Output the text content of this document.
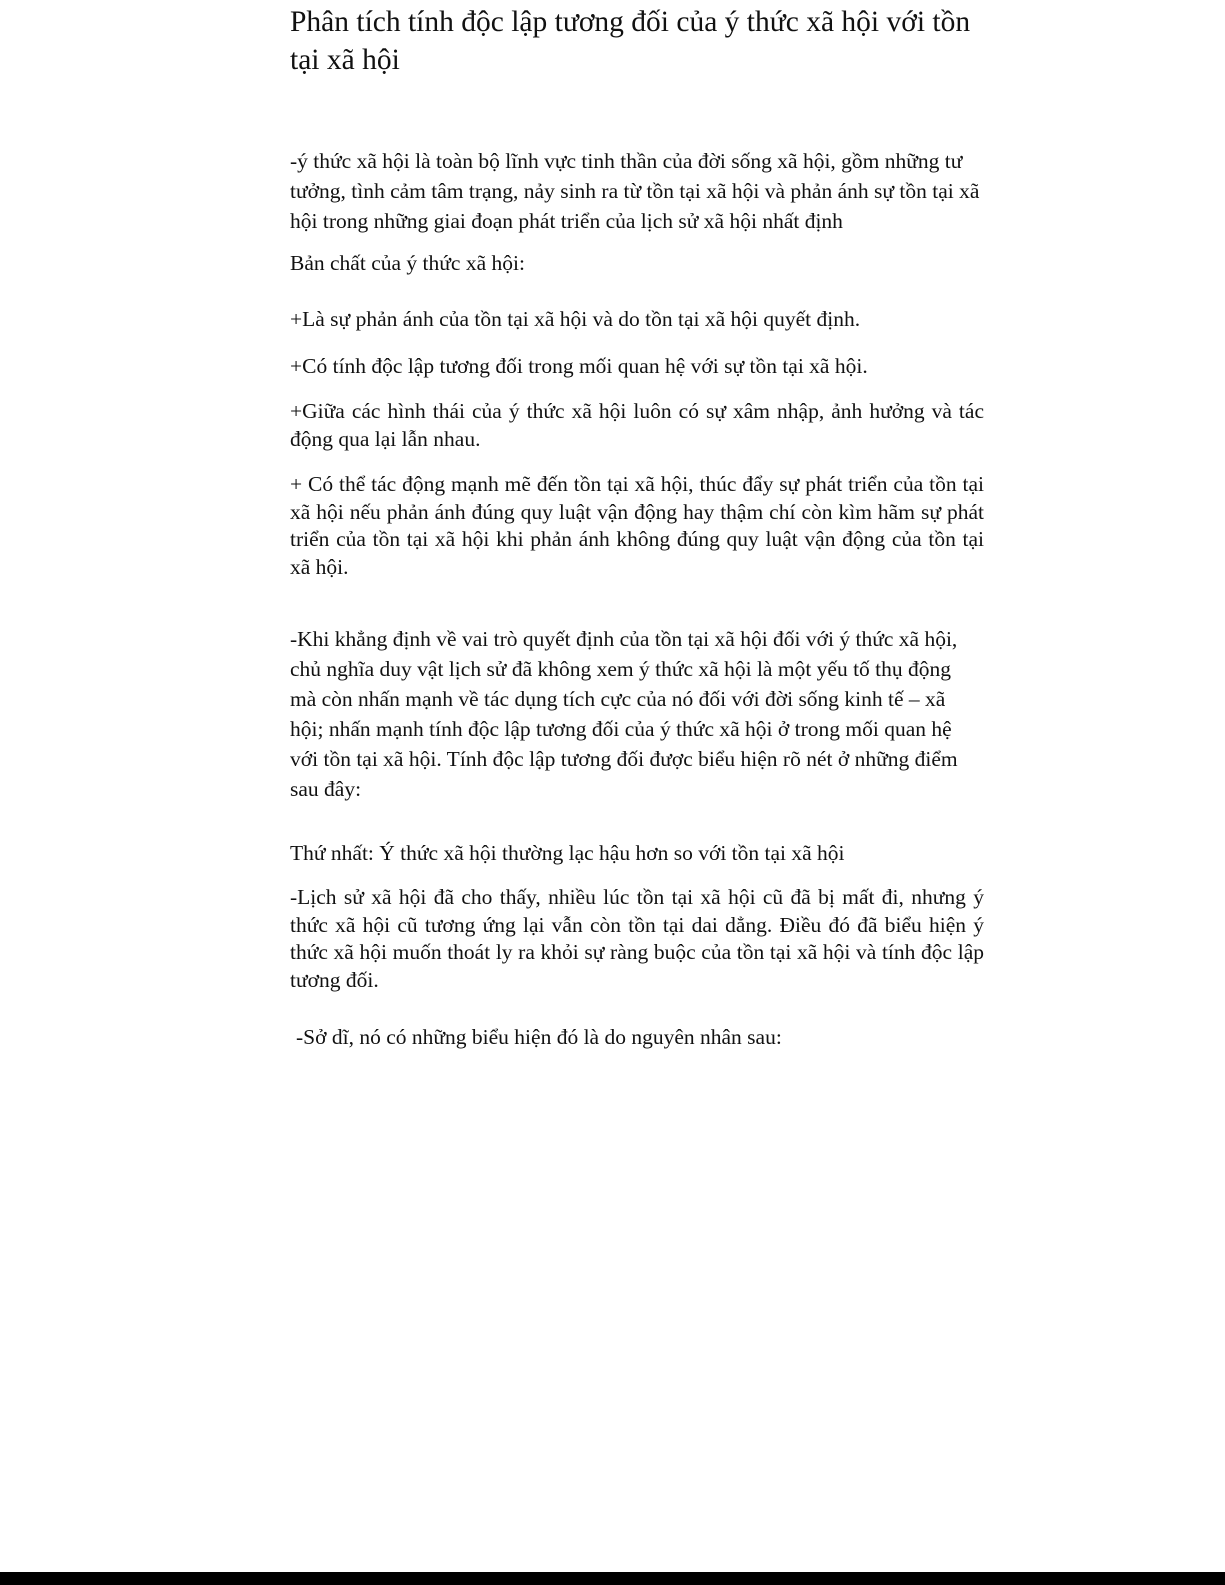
Phân tích tính độc lập tương đối của ý thức xã hội với tồn tại xã hội

-ý thức xã hội là toàn bộ lĩnh vực tinh thần của đời sống xã hội, gồm những tư tưởng, tình cảm tâm trạng, nảy sinh ra từ tồn tại xã hội và phản ánh sự tồn tại xã hội trong những giai đoạn phát triển của lịch sử xã hội nhất định

Bản chất của ý thức xã hội:

+Là sự phản ánh của tồn tại xã hội và do tồn tại xã hội quyết định.

+Có tính độc lập tương đối trong mối quan hệ với sự tồn tại xã hội.

+Giữa các hình thái của ý thức xã hội luôn có sự xâm nhập, ảnh hưởng và tác động qua lại lẫn nhau.

+ Có thể tác động mạnh mẽ đến tồn tại xã hội, thúc đẩy sự phát triển của tồn tại xã hội nếu phản ánh đúng quy luật vận động hay thậm chí còn kìm hãm sự phát triển của tồn tại xã hội khi phản ánh không đúng quy luật vận động của tồn tại xã hội.

-Khi khẳng định về vai trò quyết định của tồn tại xã hội đối với ý thức xã hội, chủ nghĩa duy vật lịch sử đã không xem ý thức xã hội là một yếu tố thụ động mà còn nhấn mạnh về tác dụng tích cực của nó đối với đời sống kinh tế – xã hội; nhấn mạnh tính độc lập tương đối của ý thức xã hội ở trong mối quan hệ với tồn tại xã hội. Tính độc lập tương đối được biểu hiện rõ nét ở những điểm sau đây:

Thứ nhất: Ý thức xã hội thường lạc hậu hơn so với tồn tại xã hội

-Lịch sử xã hội đã cho thấy, nhiều lúc tồn tại xã hội cũ đã bị mất đi, nhưng ý thức xã hội cũ tương ứng lại vẫn còn tồn tại dai dẳng. Điều đó đã biểu hiện ý thức xã hội muốn thoát ly ra khỏi sự ràng buộc của tồn tại xã hội và tính độc lập tương đối.

-Sở dĩ, nó có những biểu hiện đó là do nguyên nhân sau:
